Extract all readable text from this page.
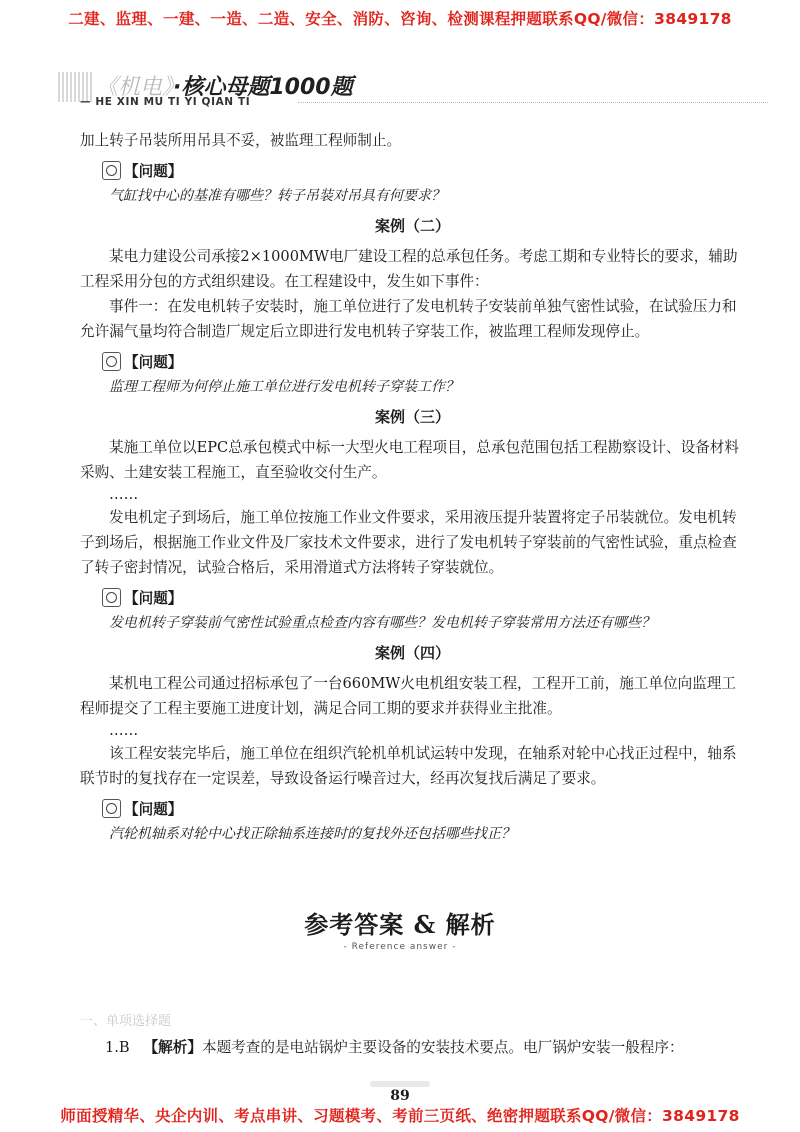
二建、监理、一建、一造、二造、安全、消防、咨询、检测课程押题联系QQ/微信：3849178
《机电》·核心母题1000题
— HE XIN MU TI YI QIAN TI

加上转子吊装所用吊具不妥，被监理工程师制止。

【问题】

气缸找中心的基准有哪些？转子吊装对吊具有何要求？

案例（二）

某电力建设公司承接2×1000MW电厂建设工程的总承包任务。考虑工期和专业特长的要求，辅助工程采用分包的方式组织建设。在工程建设中，发生如下事件：

事件一：在发电机转子安装时，施工单位进行了发电机转子安装前单独气密性试验，在试验压力和允许漏气量均符合制造厂规定后立即进行发电机转子穿装工作，被监理工程师发现停止。

【问题】

监理工程师为何停止施工单位进行发电机转子穿装工作？

案例（三）

某施工单位以EPC总承包模式中标一大型火电工程项目，总承包范围包括工程勘察设计、设备材料采购、土建安装工程施工，直至验收交付生产。

……

发电机定子到场后，施工单位按施工作业文件要求，采用液压提升装置将定子吊装就位。发电机转子到场后，根据施工作业文件及厂家技术文件要求，进行了发电机转子穿装前的气密性试验，重点检查了转子密封情况，试验合格后，采用滑道式方法将转子穿装就位。

【问题】

发电机转子穿装前气密性试验重点检查内容有哪些？发电机转子穿装常用方法还有哪些？

案例（四）

某机电工程公司通过招标承包了一台660MW火电机组安装工程，工程开工前，施工单位向监理工程师提交了工程主要施工进度计划，满足合同工期的要求并获得业主批准。

……

该工程安装完毕后，施工单位在组织汽轮机单机试运转中发现，在轴系对轮中心找正过程中，轴系联节时的复找存在一定误差，导致设备运行噪音过大，经再次复找后满足了要求。

【问题】

汽轮机轴系对轮中心找正除轴系连接时的复找外还包括哪些找正？

参考答案 & 解析
- Reference answer -
一、单项选择题
1.B 【解析】本题考查的是电站锅炉主要设备的安装技术要点。电厂锅炉安装一般程序：
89
师面授精华、央企内训、考点串讲、习题模考、考前三页纸、绝密押题联系QQ/微信：3849178
